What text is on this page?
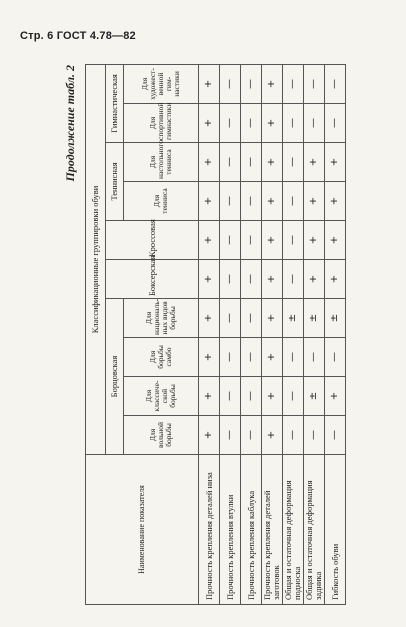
Стр. 6 ГОСТ 4.78—82
Продолжение табл. 2
Наименование показателя	Классификационные группировки обуви									
	Борцовская				Боксерская	Кроссовая	Теннисная		Гимнастическая	
	Для вольной борьбы	Для классиче-ской борьбы	Для борьбы самбо	Для националь-ных видов борьбы			Для тенниса	Для настольного тенниса	Для спортивной гимнастики	Для художест-венной гим-настики
Прочность крепления деталей низа	+	+	+	+	+	+	+	+	+	+
Прочность крепления втулки	—	—	—	—	—	—	—	—	—	—
Прочность крепления каблука	—	—	—	—	—	—	—	—	—	—
Прочность крепления деталей заготовок	+	+	+	+	+	+	+	+	+	+
Общая и остаточная деформация подноска	—	—	—	±	—	—	—	—	—	—
Общая и остаточная деформация задника	—	±	—	±	+	+	+	+	—	—
Гибкость обуви	—	+	—	±	+	+	+	+	—	—
